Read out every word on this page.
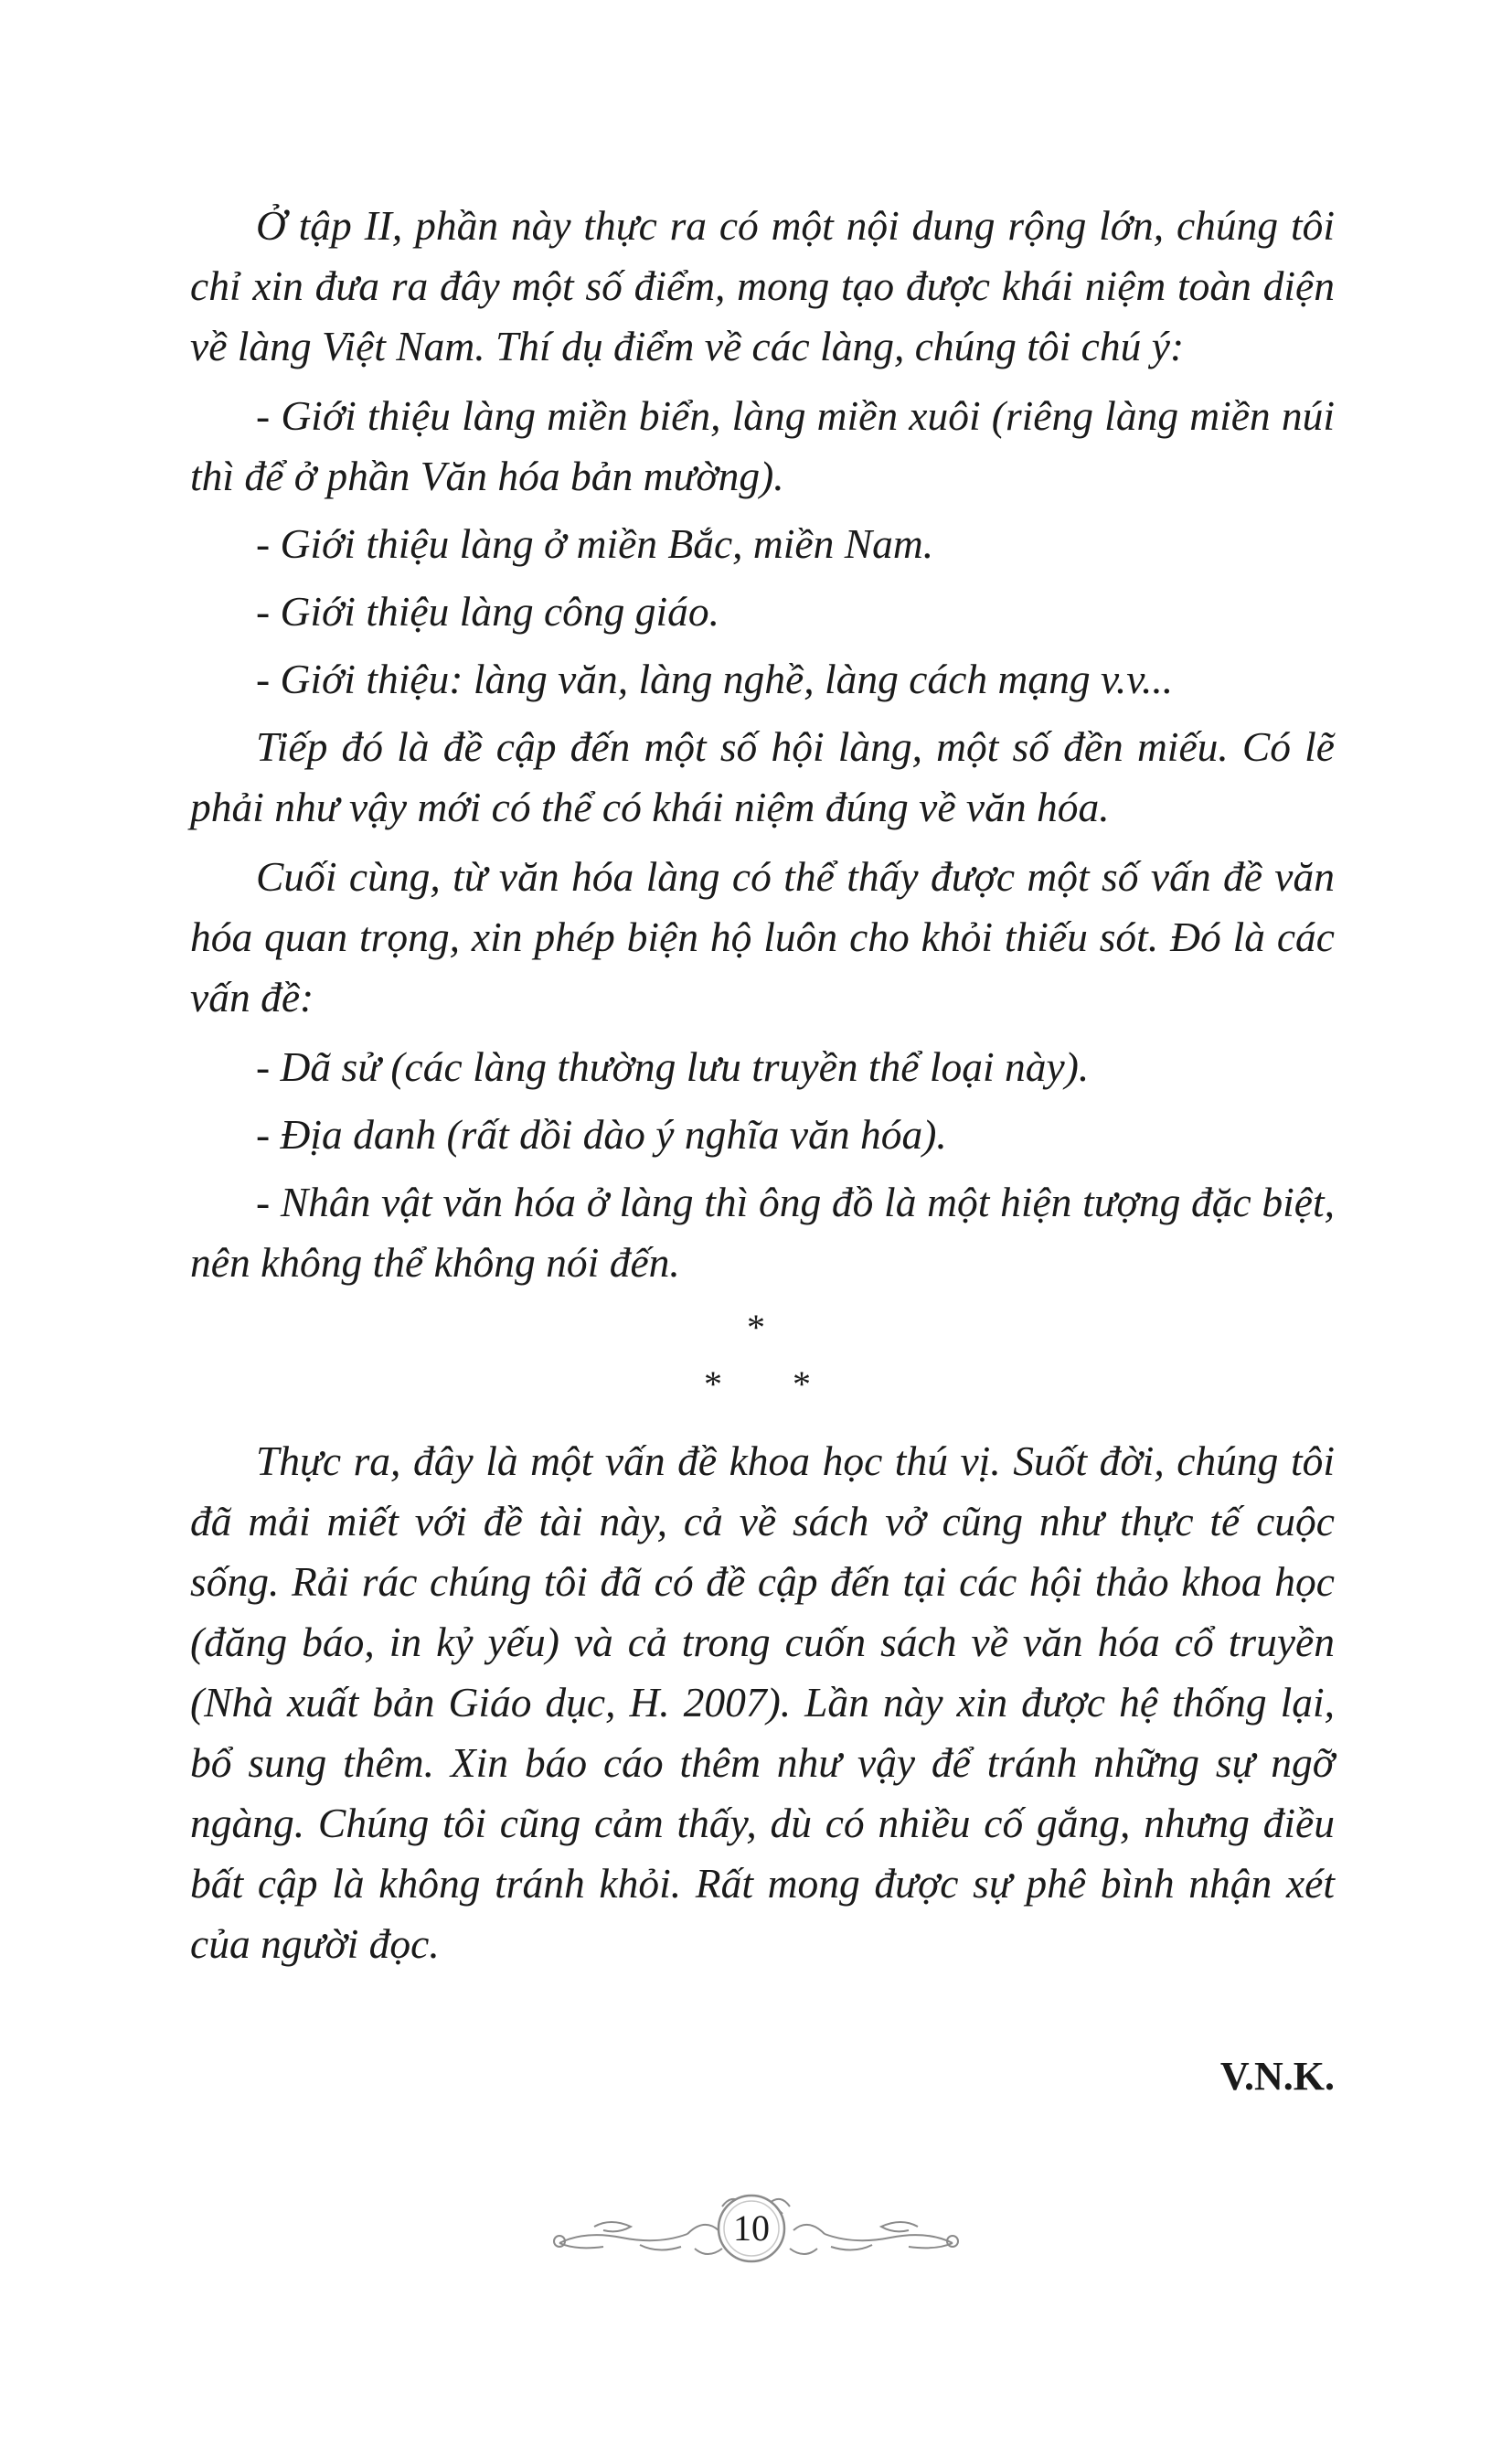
Ở tập II, phần này thực ra có một nội dung rộng lớn, chúng tôi chỉ xin đưa ra đây một số điểm, mong tạo được khái niệm toàn diện về làng Việt Nam. Thí dụ điểm về các làng, chúng tôi chú ý:

- Giới thiệu làng miền biển, làng miền xuôi (riêng làng miền núi thì để ở phần Văn hóa bản mường).

- Giới thiệu làng ở miền Bắc, miền Nam.

- Giới thiệu làng công giáo.

- Giới thiệu: làng văn, làng nghề, làng cách mạng v.v...

Tiếp đó là đề cập đến một số hội làng, một số đền miếu. Có lẽ phải như vậy mới có thể có khái niệm đúng về văn hóa.

Cuối cùng, từ văn hóa làng có thể thấy được một số vấn đề văn hóa quan trọng, xin phép biện hộ luôn cho khỏi thiếu sót. Đó là các vấn đề:

- Dã sử (các làng thường lưu truyền thể loại này).

- Địa danh (rất dồi dào ý nghĩa văn hóa).

- Nhân vật văn hóa ở làng thì ông đồ là một hiện tượng đặc biệt, nên không thể không nói đến.

*
* *

Thực ra, đây là một vấn đề khoa học thú vị. Suốt đời, chúng tôi đã mải miết với đề tài này, cả về sách vở cũng như thực tế cuộc sống. Rải rác chúng tôi đã có đề cập đến tại các hội thảo khoa học (đăng báo, in kỷ yếu) và cả trong cuốn sách về văn hóa cổ truyền (Nhà xuất bản Giáo dục, H. 2007). Lần này xin được hệ thống lại, bổ sung thêm. Xin báo cáo thêm như vậy để tránh những sự ngỡ ngàng. Chúng tôi cũng cảm thấy, dù có nhiều cố gắng, nhưng điều bất cập là không tránh khỏi. Rất mong được sự phê bình nhận xét của người đọc.

V.N.K.
10
